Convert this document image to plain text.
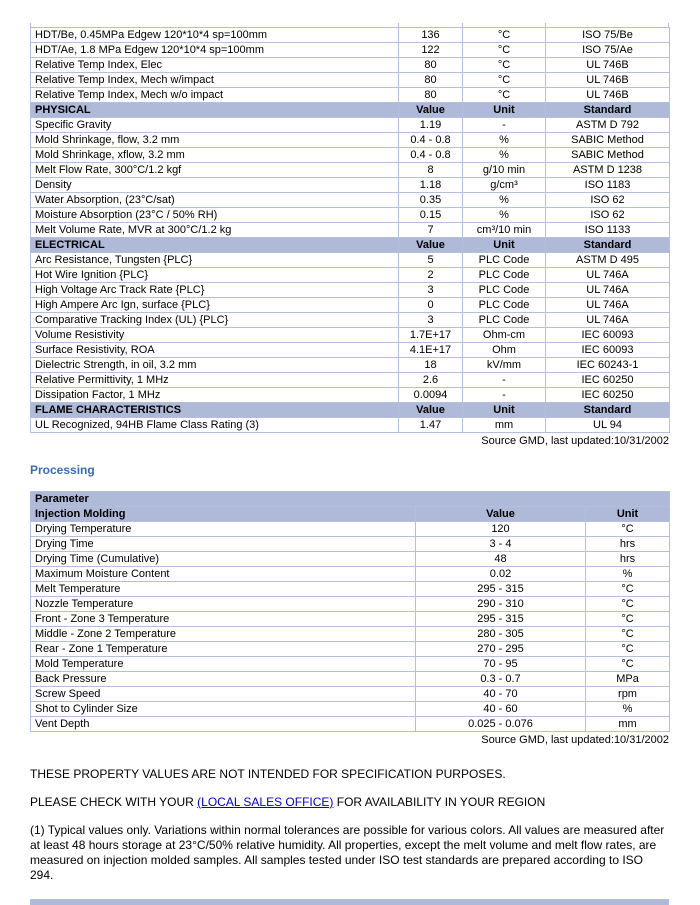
HDT/Be, 0.45MPa Edgew 120*10*4 sp=100mm	136	°C	ISO 75/Be
HDT/Ae, 1.8 MPa Edgew 120*10*4 sp=100mm	122	°C	ISO 75/Ae
Relative Temp Index, Elec	80	°C	UL 746B
Relative Temp Index, Mech w/impact	80	°C	UL 746B
Relative Temp Index, Mech w/o impact	80	°C	UL 746B
PHYSICAL	Value	Unit	Standard
Specific Gravity	1.19	-	ASTM D 792
Mold Shrinkage, flow, 3.2 mm	0.4 - 0.8	%	SABIC Method
Mold Shrinkage, xflow, 3.2 mm	0.4 - 0.8	%	SABIC Method
Melt Flow Rate, 300°C/1.2 kgf	8	g/10 min	ASTM D 1238
Density	1.18	g/cm³	ISO 1183
Water Absorption, (23°C/sat)	0.35	%	ISO 62
Moisture Absorption (23°C / 50% RH)	0.15	%	ISO 62
Melt Volume Rate, MVR at 300°C/1.2 kg	7	cm³/10 min	ISO 1133
ELECTRICAL	Value	Unit	Standard
Arc Resistance, Tungsten {PLC}	5	PLC Code	ASTM D 495
Hot Wire Ignition {PLC}	2	PLC Code	UL 746A
High Voltage Arc Track Rate {PLC}	3	PLC Code	UL 746A
High Ampere Arc Ign, surface {PLC}	0	PLC Code	UL 746A
Comparative Tracking Index (UL) {PLC}	3	PLC Code	UL 746A
Volume Resistivity	1.7E+17	Ohm-cm	IEC 60093
Surface Resistivity, ROA	4.1E+17	Ohm	IEC 60093
Dielectric Strength, in oil, 3.2 mm	18	kV/mm	IEC 60243-1
Relative Permittivity, 1 MHz	2.6	-	IEC 60250
Dissipation Factor, 1 MHz	0.0094	-	IEC 60250
FLAME CHARACTERISTICS	Value	Unit	Standard
UL Recognized, 94HB Flame Class Rating (3)	1.47	mm	UL 94
Source GMD, last updated:10/31/2002
Processing
Parameter		
Injection Molding	Value	Unit
Drying Temperature	120	°C
Drying Time	3 - 4	hrs
Drying Time (Cumulative)	48	hrs
Maximum Moisture Content	0.02	%
Melt Temperature	295 - 315	°C
Nozzle Temperature	290 - 310	°C
Front - Zone 3 Temperature	295 - 315	°C
Middle - Zone 2 Temperature	280 - 305	°C
Rear - Zone 1 Temperature	270 - 295	°C
Mold Temperature	70 - 95	°C
Back Pressure	0.3 - 0.7	MPa
Screw Speed	40 - 70	rpm
Shot to Cylinder Size	40 - 60	%
Vent Depth	0.025 - 0.076	mm
Source GMD, last updated:10/31/2002
THESE PROPERTY VALUES ARE NOT INTENDED FOR SPECIFICATION PURPOSES.
PLEASE CHECK WITH YOUR (LOCAL SALES OFFICE) FOR AVAILABILITY IN YOUR REGION
(1) Typical values only. Variations within normal tolerances are possible for various colors. All values are measured after at least 48 hours storage at 23°C/50% relative humidity. All properties, except the melt volume and melt flow rates, are measured on injection molded samples. All samples tested under ISO test standards are prepared according to ISO 294.
